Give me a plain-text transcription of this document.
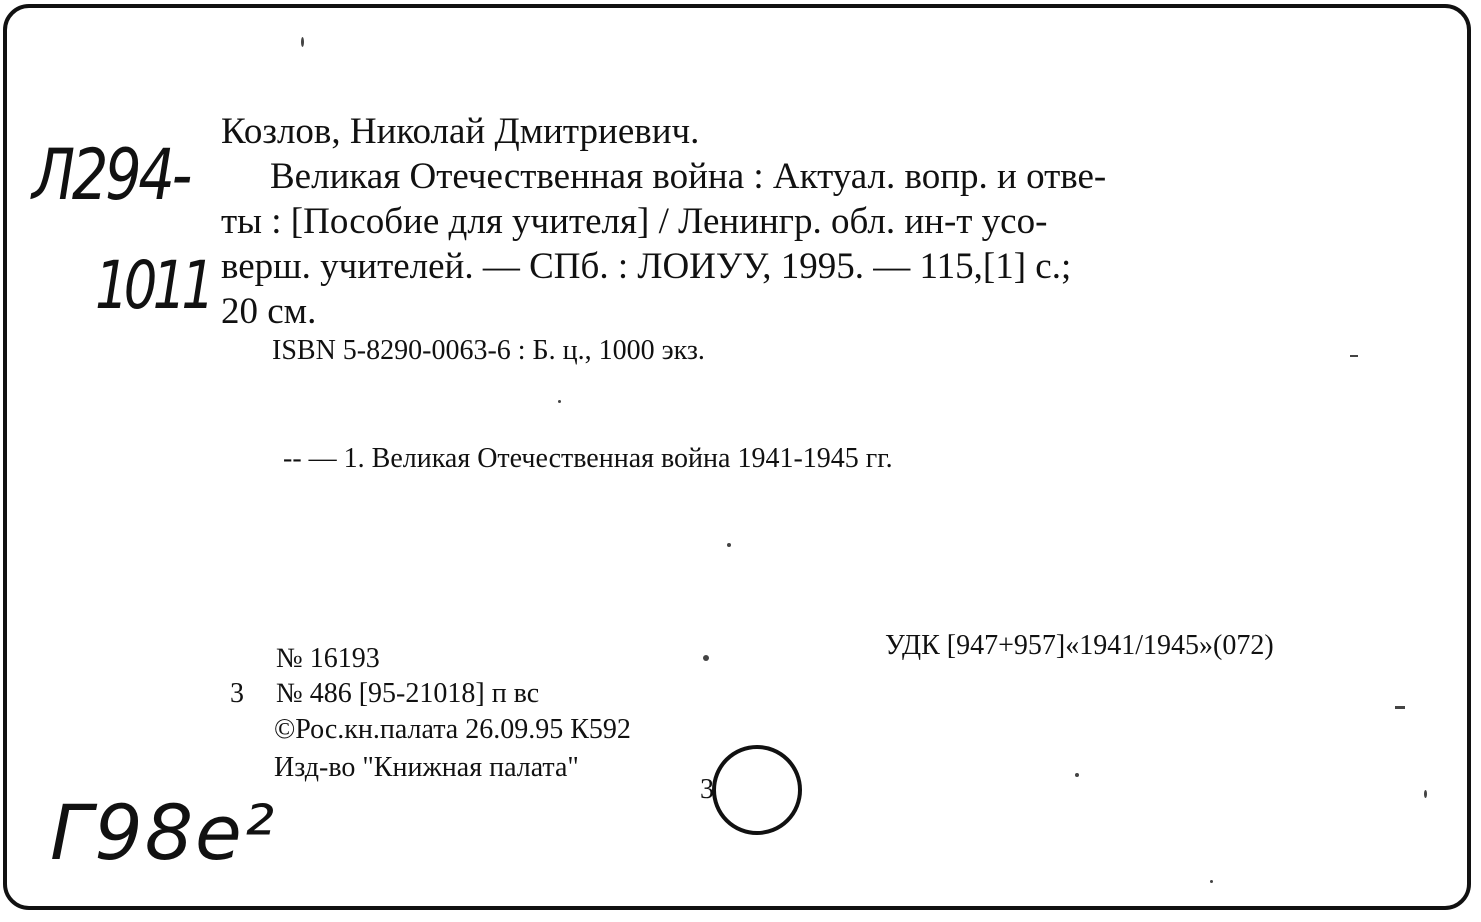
Л294-
1011
Г98е²
Козлов, Николай Дмитриевич.
Великая Отечественная война : Актуал. вопр. и отве-
ты : [Пособие для учителя] / Ленингр. обл. ин-т усо-
верш. учителей. — СПб. : ЛОИУУ, 1995. — 115,[1] с.;
20 см.
ISBN 5-8290-0063-6 : Б. ц., 1000 экз.
-- — 1. Великая Отечественная война 1941-1945 гг.
№ 16193	УДК [947+957]«1941/1945»(072)
3 № 486 [95-21018] п вс
©Рос.кн.палата 26.09.95 К592
Изд-во "Книжная палата"
3
